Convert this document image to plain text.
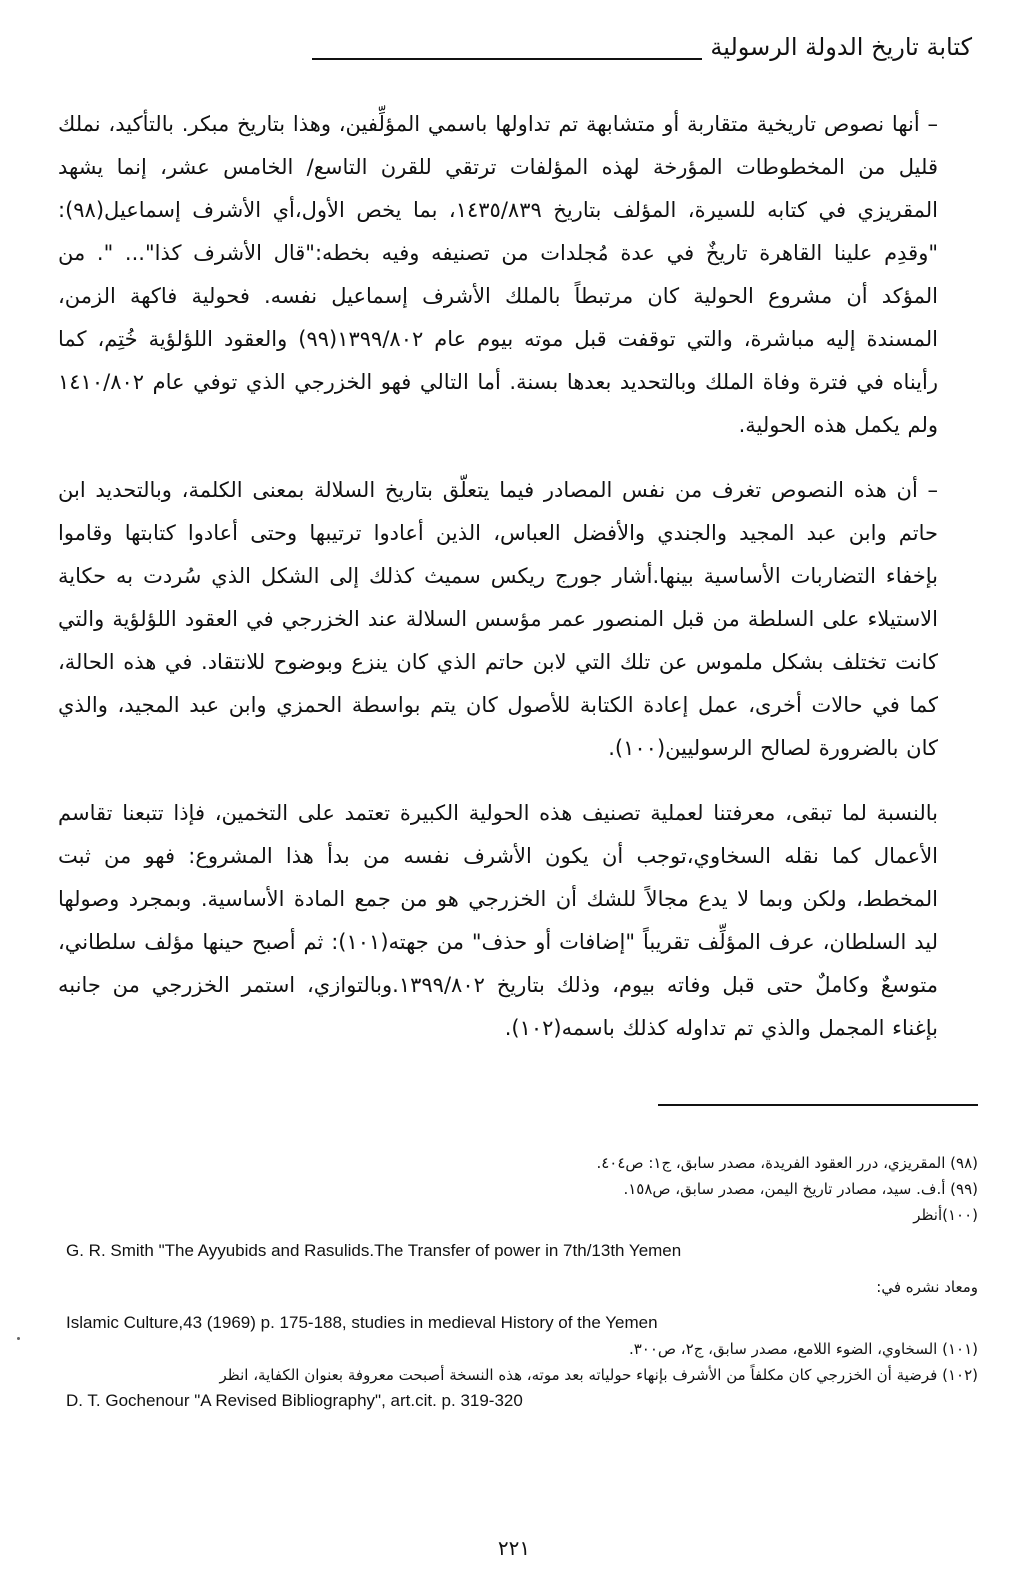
كتابة تاريخ الدولة الرسولية

– أنها نصوص تاريخية متقاربة أو متشابهة تم تداولها باسمي المؤلِّفين، وهذا بتاريخ مبكر. بالتأكيد، نملك قليل من المخطوطات المؤرخة لهذه المؤلفات ترتقي للقرن التاسع/ الخامس عشر، إنما يشهد المقريزي في كتابه للسيرة، المؤلف بتاريخ ١٤٣٥/٨٣٩، بما يخص الأول،أي الأشرف إسماعيل(٩٨): "وقدِم علينا القاهرة تاريخٌ في عدة مُجلدات من تصنيفه وفيه بخطه:"قال الأشرف كذا"... ". من المؤكد أن مشروع الحولية كان مرتبطاً بالملك الأشرف إسماعيل نفسه. فحولية فاكهة الزمن، المسندة إليه مباشرة، والتي توقفت قبل موته بيوم عام ١٣٩٩/٨٠٢(٩٩) والعقود اللؤلؤية خُتِم، كما رأيناه في فترة وفاة الملك وبالتحديد بعدها بسنة. أما التالي فهو الخزرجي الذي توفي عام ١٤١٠/٨٠٢ ولم يكمل هذه الحولية.

– أن هذه النصوص تغرف من نفس المصادر فيما يتعلّق بتاريخ السلالة بمعنى الكلمة، وبالتحديد ابن حاتم وابن عبد المجيد والجندي والأفضل العباس، الذين أعادوا ترتيبها وحتى أعادوا كتابتها وقاموا بإخفاء التضاربات الأساسية بينها.أشار جورج ريكس سميث كذلك إلى الشكل الذي سُردت به حكاية الاستيلاء على السلطة من قبل المنصور عمر مؤسس السلالة عند الخزرجي في العقود اللؤلؤية والتي كانت تختلف بشكل ملموس عن تلك التي لابن حاتم الذي كان ينزع وبوضوح للانتقاد. في هذه الحالة، كما في حالات أخرى، عمل إعادة الكتابة للأصول كان يتم بواسطة الحمزي وابن عبد المجيد، والذي كان بالضرورة لصالح الرسوليين(١٠٠).

بالنسبة لما تبقى، معرفتنا لعملية تصنيف هذه الحولية الكبيرة تعتمد على التخمين، فإذا تتبعنا تقاسم الأعمال كما نقله السخاوي،توجب أن يكون الأشرف نفسه من بدأ هذا المشروع: فهو من ثبت المخطط، ولكن وبما لا يدع مجالاً للشك أن الخزرجي هو من جمع المادة الأساسية. وبمجرد وصولها ليد السلطان، عرف المؤلِّف تقريباً "إضافات أو حذف" من جهته(١٠١): ثم أصبح حينها مؤلف سلطاني، متوسعٌ وكاملٌ حتى قبل وفاته بيوم، وذلك بتاريخ ١٣٩٩/٨٠٢.وبالتوازي، استمر الخزرجي من جانبه بإغناء المجمل والذي تم تداوله كذلك باسمه(١٠٢).

(٩٨) المقريزي، درر العقود الفريدة، مصدر سابق، ج١: ص٤٠٤.
(٩٩) أ.ف. سيد، مصادر تاريخ اليمن، مصدر سابق، ص١٥٨.
(١٠٠)أنظر
G. R. Smith "The Ayyubids and Rasulids.The Transfer of power in 7th/13th Yemen
ومعاد نشره في:
Islamic Culture,43 (1969) p. 175-188, studies in medieval History of the Yemen
(١٠١) السخاوي، الضوء اللامع، مصدر سابق، ج٢، ص٣٠٠.
(١٠٢) فرضية أن الخزرجي كان مكلفاً من الأشرف بإنهاء حولياته بعد موته، هذه النسخة أصبحت معروفة بعنوان الكفاية، انظر
D. T. Gochenour "A Revised Bibliography", art.cit. p. 319-320
٢٢١
